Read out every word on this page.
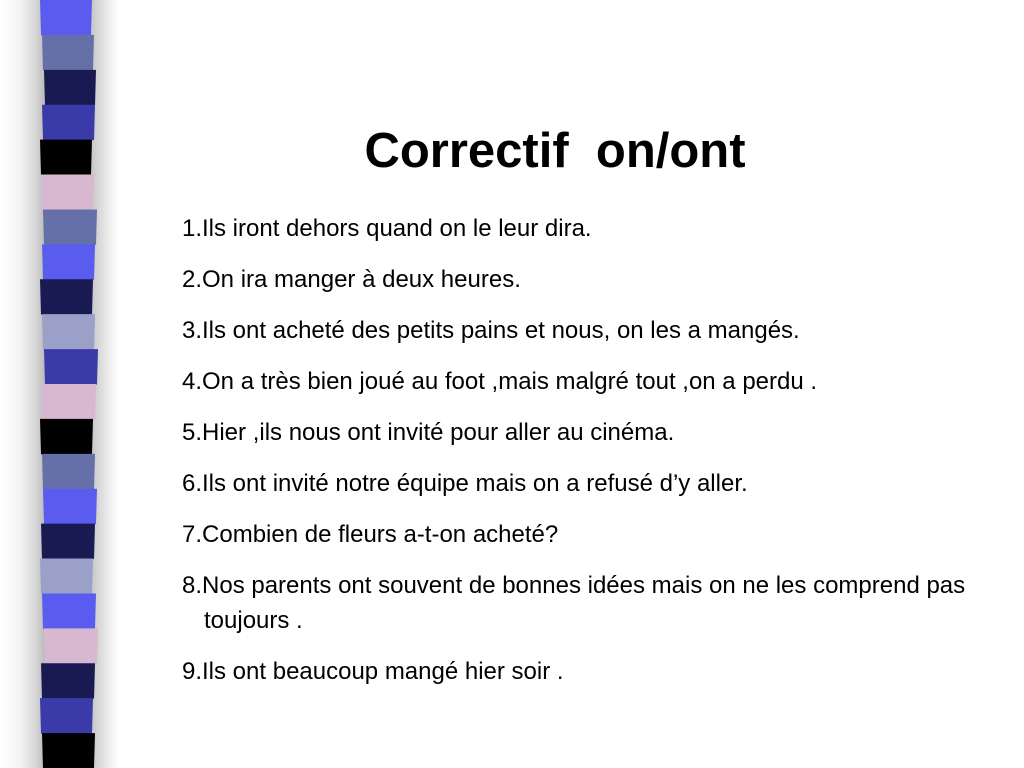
Correctif  on/ont
1.Ils iront dehors quand on le leur dira.
2.On ira manger à deux heures.
3.Ils ont acheté des petits pains et nous, on les a mangés.
4.On a très bien joué au foot ,mais malgré tout ,on a perdu .
5.Hier ,ils nous ont invité pour aller au cinéma.
6.Ils ont invité notre équipe mais on a refusé d’y aller.
7.Combien de fleurs a-t-on acheté?
8.Nos parents ont souvent de bonnes idées mais on ne les comprend pas toujours .
9.Ils ont beaucoup mangé hier soir .
